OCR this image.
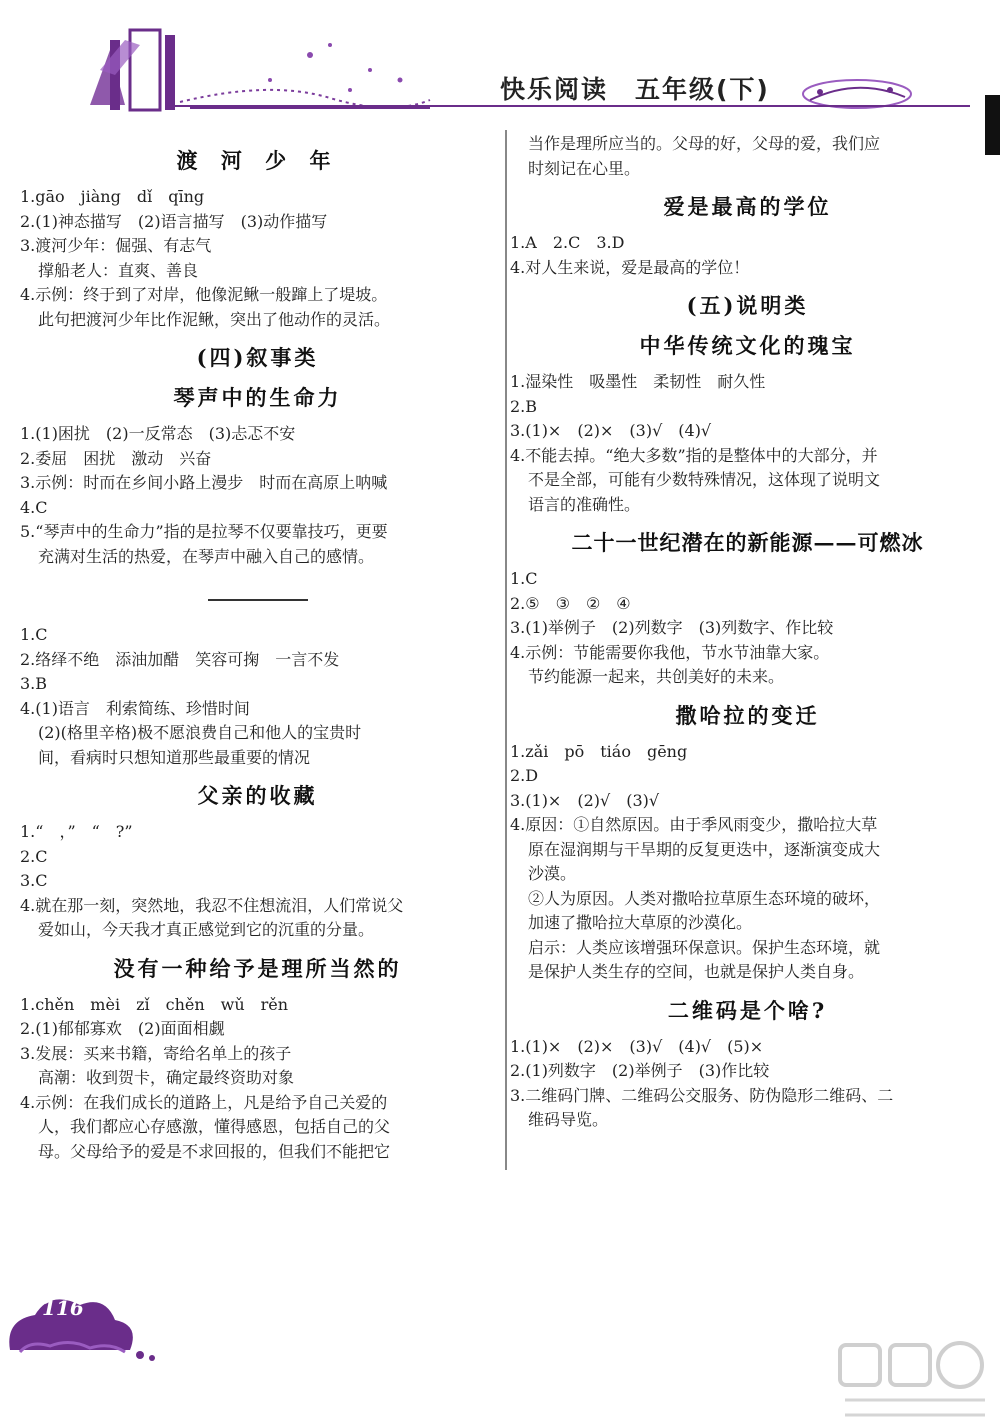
快乐阅读　五年级(下)
渡 河 少 年
1.gāo　jiàng　dǐ　qīng
2.(1)神态描写　(2)语言描写　(3)动作描写
3.渡河少年：倔强、有志气
撑船老人：直爽、善良
4.示例：终于到了对岸，他像泥鳅一般蹿上了堤坡。
此句把渡河少年比作泥鳅，突出了他动作的灵活。
(四)叙事类
琴声中的生命力
1.(1)困扰　(2)一反常态　(3)忐忑不安
2.委屈　困扰　激动　兴奋
3.示例：时而在乡间小路上漫步　时而在高原上呐喊
4.C
5.“琴声中的生命力”指的是拉琴不仅要靠技巧，更要
充满对生活的热爱，在琴声中融入自己的感情。
1.C
2.络绎不绝　添油加醋　笑容可掬　一言不发
3.B
4.(1)语言　利索简练、珍惜时间
(2)(格里辛格)极不愿浪费自己和他人的宝贵时
间，看病时只想知道那些最重要的情况
父亲的收藏
1.“　，”　“　?”
2.C
3.C
4.就在那一刻，突然地，我忍不住想流泪，人们常说父
爱如山，今天我才真正感觉到它的沉重的分量。
没有一种给予是理所当然的
1.chěn　mèi　zǐ　chěn　wǔ　rěn
2.(1)郁郁寡欢　(2)面面相觑
3.发展：买来书籍，寄给名单上的孩子
高潮：收到贺卡，确定最终资助对象
4.示例：在我们成长的道路上，凡是给予自己关爱的
人，我们都应心存感激，懂得感恩，包括自己的父
母。父母给予的爱是不求回报的，但我们不能把它
当作是理所应当的。父母的好，父母的爱，我们应
时刻记在心里。
爱是最高的学位
1.A　2.C　3.D
4.对人生来说，爱是最高的学位！
(五)说明类
中华传统文化的瑰宝
1.湿染性　吸墨性　柔韧性　耐久性
2.B
3.(1)×　(2)×　(3)√　(4)√
4.不能去掉。“绝大多数”指的是整体中的大部分，并
不是全部，可能有少数特殊情况，这体现了说明文
语言的准确性。
二十一世纪潜在的新能源——可燃冰
1.C
2.⑤　③　②　④
3.(1)举例子　(2)列数字　(3)列数字、作比较
4.示例：节能需要你我他，节水节油靠大家。
节约能源一起来，共创美好的未来。
撒哈拉的变迁
1.zǎi　pō　tiáo　gēng
2.D
3.(1)×　(2)√　(3)√
4.原因：①自然原因。由于季风雨变少，撒哈拉大草
原在湿润期与干旱期的反复更迭中，逐渐演变成大
沙漠。
②人为原因。人类对撒哈拉草原生态环境的破坏，
加速了撒哈拉大草原的沙漠化。
启示：人类应该增强环保意识。保护生态环境，就
是保护人类生存的空间，也就是保护人类自身。
二维码是个啥?
1.(1)×　(2)×　(3)√　(4)√　(5)×
2.(1)列数字　(2)举例子　(3)作比较
3.二维码门牌、二维码公交服务、防伪隐形二维码、二
维码导览。
116
